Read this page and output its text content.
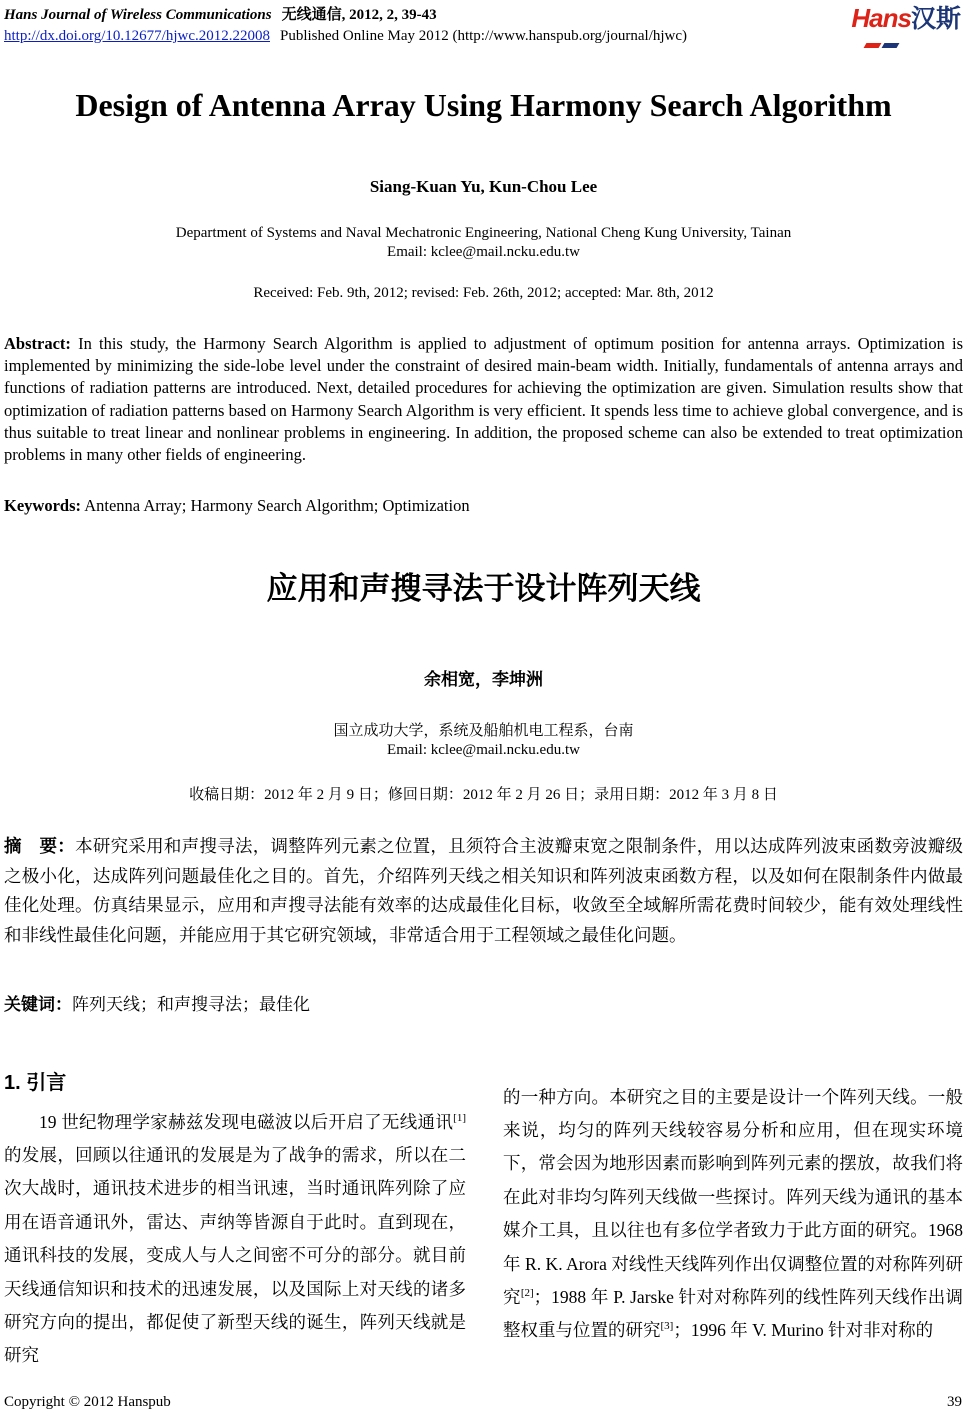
Hans Journal of Wireless Communications 无线通信, 2012, 2, 39-43
http://dx.doi.org/10.12677/hjwc.2012.22008 Published Online May 2012 (http://www.hanspub.org/journal/hjwc)
Hans汉斯
Design of Antenna Array Using Harmony Search Algorithm
Siang-Kuan Yu, Kun-Chou Lee
Department of Systems and Naval Mechatronic Engineering, National Cheng Kung University, Tainan
Email: kclee@mail.ncku.edu.tw
Received: Feb. 9th, 2012; revised: Feb. 26th, 2012; accepted: Mar. 8th, 2012

Abstract: In this study, the Harmony Search Algorithm is applied to adjustment of optimum position for antenna arrays. Optimization is implemented by minimizing the side-lobe level under the constraint of desired main-beam width. Initially, fundamentals of antenna arrays and functions of radiation patterns are introduced. Next, detailed procedures for achieving the optimization are given. Simulation results show that optimization of radiation patterns based on Harmony Search Algorithm is very efficient. It spends less time to achieve global convergence, and is thus suitable to treat linear and nonlinear problems in engineering. In addition, the proposed scheme can also be extended to treat optimization problems in many other fields of engineering.

Keywords: Antenna Array; Harmony Search Algorithm; Optimization

应用和声搜寻法于设计阵列天线
余相宽，李坤洲
国立成功大学，系统及船舶机电工程系，台南
Email: kclee@mail.ncku.edu.tw
收稿日期：2012 年 2 月 9 日；修回日期：2012 年 2 月 26 日；录用日期：2012 年 3 月 8 日

摘　要：本研究采用和声搜寻法，调整阵列元素之位置，且须符合主波瓣束宽之限制条件，用以达成阵列波束函数旁波瓣级之极小化，达成阵列问题最佳化之目的。首先，介绍阵列天线之相关知识和阵列波束函数方程，以及如何在限制条件内做最佳化处理。仿真结果显示，应用和声搜寻法能有效率的达成最佳化目标，收敛至全域解所需花费时间较少，能有效处理线性和非线性最佳化问题，并能应用于其它研究领域，非常适合用于工程领域之最佳化问题。

关键词：阵列天线；和声搜寻法；最佳化

1. 引言

19 世纪物理学家赫兹发现电磁波以后开启了无线通讯[1]的发展，回顾以往通讯的发展是为了战争的需求，所以在二次大战时，通讯技术进步的相当讯速，当时通讯阵列除了应用在语音通讯外，雷达、声纳等皆源自于此时。直到现在，通讯科技的发展，变成人与人之间密不可分的部分。就目前天线通信知识和技术的迅速发展，以及国际上对天线的诸多研究方向的提出，都促使了新型天线的诞生，阵列天线就是研究

的一种方向。本研究之目的主要是设计一个阵列天线。一般来说，均匀的阵列天线较容易分析和应用，但在现实环境下，常会因为地形因素而影响到阵列元素的摆放，故我们将在此对非均匀阵列天线做一些探讨。阵列天线为通讯的基本媒介工具，且以往也有多位学者致力于此方面的研究。1968 年 R. K. Arora 对线性天线阵列作出仅调整位置的对称阵列研究[2]；1988 年 P. Jarske 针对对称阵列的线性阵列天线作出调整权重与位置的研究[3]；1996 年 V. Murino 针对非对称的

Copyright © 2012 Hanspub	39
